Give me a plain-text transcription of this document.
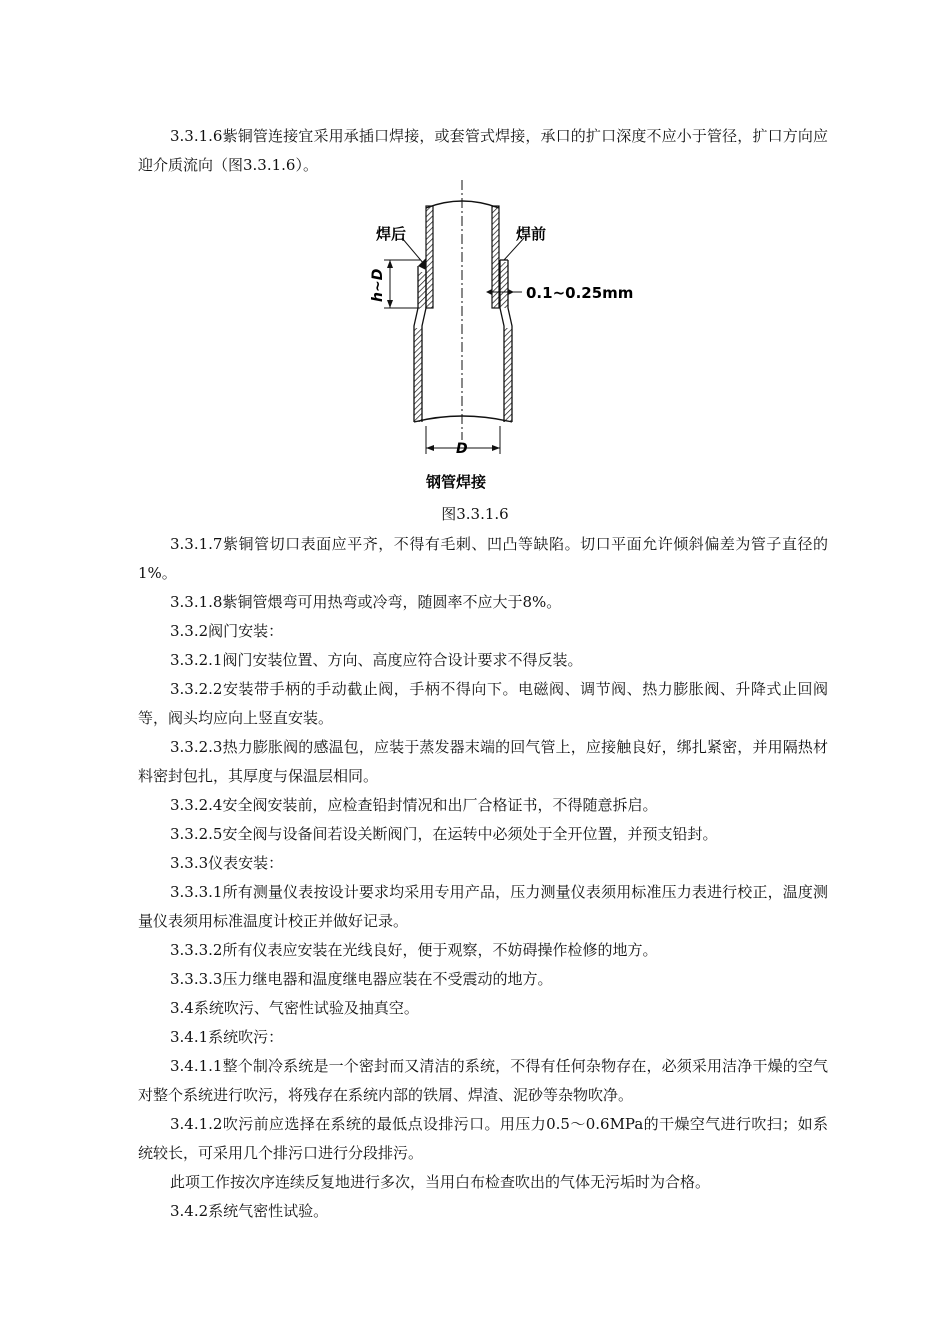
3.3.1.6紫铜管连接宜采用承插口焊接，或套管式焊接，承口的扩口深度不应小于管径，扩口方向应迎介质流向（图3.3.1.6）。

焊后	焊前
h~D	0.1~0.25mm
D
钢管焊接
图3.3.1.6

3.3.1.7紫铜管切口表面应平齐，不得有毛刺、凹凸等缺陷。切口平面允许倾斜偏差为管子直径的1%。

3.3.1.8紫铜管煨弯可用热弯或冷弯，随圆率不应大于8%。

3.3.2阀门安装：

3.3.2.1阀门安装位置、方向、高度应符合设计要求不得反装。

3.3.2.2安装带手柄的手动截止阀，手柄不得向下。电磁阀、调节阀、热力膨胀阀、升降式止回阀等，阀头均应向上竖直安装。

3.3.2.3热力膨胀阀的感温包，应装于蒸发器末端的回气管上，应接触良好，绑扎紧密，并用隔热材料密封包扎，其厚度与保温层相同。

3.3.2.4安全阀安装前，应检查铅封情况和出厂合格证书，不得随意拆启。

3.3.2.5安全阀与设备间若设关断阀门，在运转中必须处于全开位置，并预支铅封。

3.3.3仪表安装：

3.3.3.1所有测量仪表按设计要求均采用专用产品，压力测量仪表须用标准压力表进行校正，温度测量仪表须用标准温度计校正并做好记录。

3.3.3.2所有仪表应安装在光线良好，便于观察，不妨碍操作检修的地方。

3.3.3.3压力继电器和温度继电器应装在不受震动的地方。

3.4系统吹污、气密性试验及抽真空。

3.4.1系统吹污：

3.4.1.1整个制冷系统是一个密封而又清洁的系统，不得有任何杂物存在，必须采用洁净干燥的空气对整个系统进行吹污，将残存在系统内部的铁屑、焊渣、泥砂等杂物吹净。

3.4.1.2吹污前应选择在系统的最低点设排污口。用压力0.5～0.6MPa的干燥空气进行吹扫；如系统较长，可采用几个排污口进行分段排污。

此项工作按次序连续反复地进行多次，当用白布检查吹出的气体无污垢时为合格。

3.4.2系统气密性试验。
